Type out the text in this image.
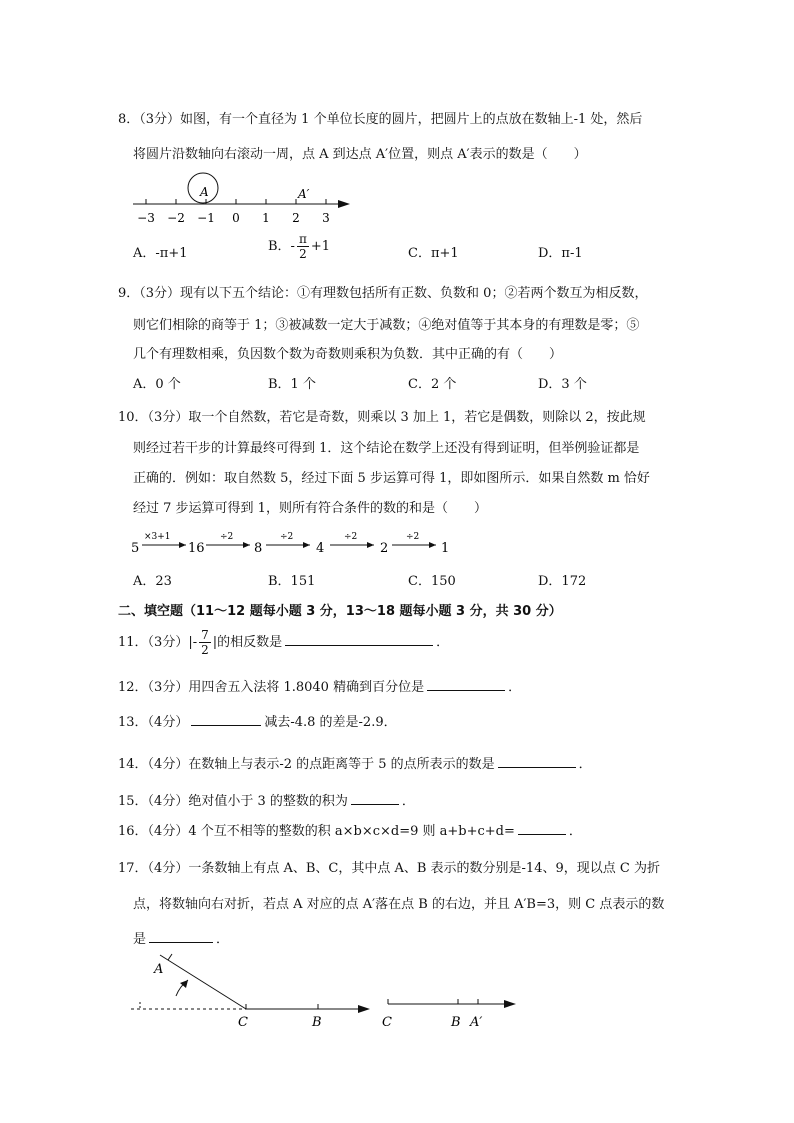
8．（3分）如图，有一个直径为 1 个单位长度的圆片，把圆片上的点放在数轴上-1 处，然后
将圆片沿数轴向右滚动一周，点 A 到达点 A′位置，则点 A′表示的数是（　　）
−3 −2 −1 0 1 2 3
A	A′
A．-π+1	B．- $\frac{\pi}{2} +1$	C．π+1	D．π-1
9．（3分）现有以下五个结论：①有理数包括所有正数、负数和 0；②若两个数互为相反数，
则它们相除的商等于 1；③被减数一定大于减数；④绝对值等于其本身的有理数是零；⑤
几个有理数相乘，负因数个数为奇数则乘积为负数．其中正确的有（　　）
A．0 个	B．1 个	C．2 个	D．3 个
10．（3分）取一个自然数，若它是奇数，则乘以 3 加上 1，若它是偶数，则除以 2，按此规
则经过若干步的计算最终可得到 1．这个结论在数学上还没有得到证明，但举例验证都是
正确的．例如：取自然数 5，经过下面 5 步运算可得 1，即如图所示．如果自然数 m 恰好
经过 7 步运算可得到 1，则所有符合条件的数的和是（　　）
5
×3+1
16
÷2
8
÷2
4
÷2
2
÷2
1
A．23	B．151	C．150	D．172
二、填空题（11～12 题每小题 3 分，13～18 题每小题 3 分，共 30 分）
11．（3分）|- $\frac{7}{2}$ |的相反数是	．
12．（3分）用四舍五入法将 1.8040 精确到百分位是	．
13．（4分）	减去-4.8 的差是-2.9．
14．（4分）在数轴上与表示-2 的点距离等于 5 的点所表示的数是	．
15．（4分）绝对值小于 3 的整数的积为	．
16．（4分）4 个互不相等的整数的积 a×b×c×d=9 则 a+b+c+d=	．
17．（4分）一条数轴上有点 A、B、C，其中点 A、B 表示的数分别是-14、9，现以点 C 为折
点，将数轴向右对折，若点 A 对应的点 A′落在点 B 的右边，并且 A′B=3，则 C 点表示的数
是	．
A
C	B	C	B A′
